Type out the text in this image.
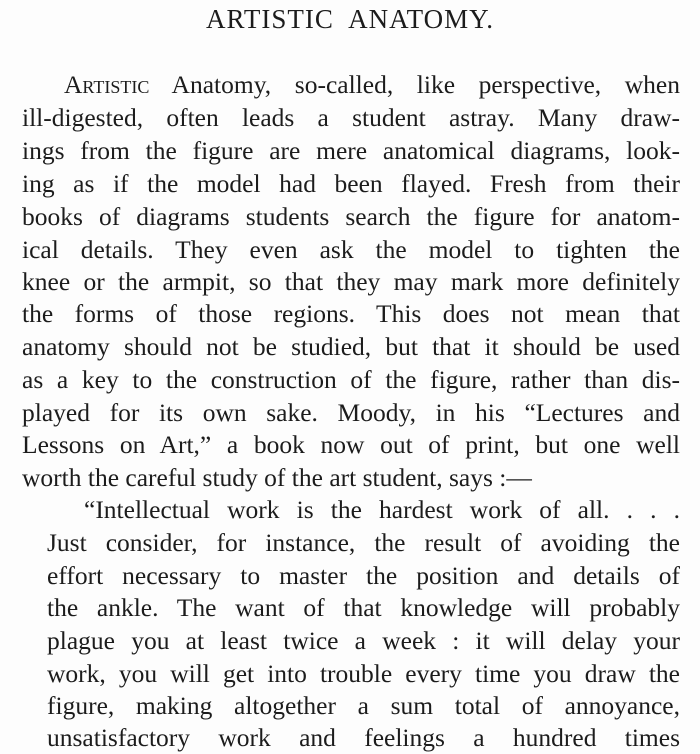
ARTISTIC ANATOMY.
Artistic Anatomy, so-called, like perspective, when
ill-digested, often leads a student astray. Many draw-
ings from the figure are mere anatomical diagrams, look-
ing as if the model had been flayed. Fresh from their
books of diagrams students search the figure for anatom-
ical details. They even ask the model to tighten the
knee or the armpit, so that they may mark more definitely
the forms of those regions. This does not mean that
anatomy should not be studied, but that it should be used
as a key to the construction of the figure, rather than dis-
played for its own sake. Moody, in his “Lectures and
Lessons on Art,” a book now out of print, but one well
worth the careful study of the art student, says :—
“Intellectual work is the hardest work of all. . . .
Just consider, for instance, the result of avoiding the
effort necessary to master the position and details of
the ankle. The want of that knowledge will probably
plague you at least twice a week : it will delay your
work, you will get into trouble every time you draw the
figure, making altogether a sum total of annoyance,
unsatisfactory work and feelings a hundred times
